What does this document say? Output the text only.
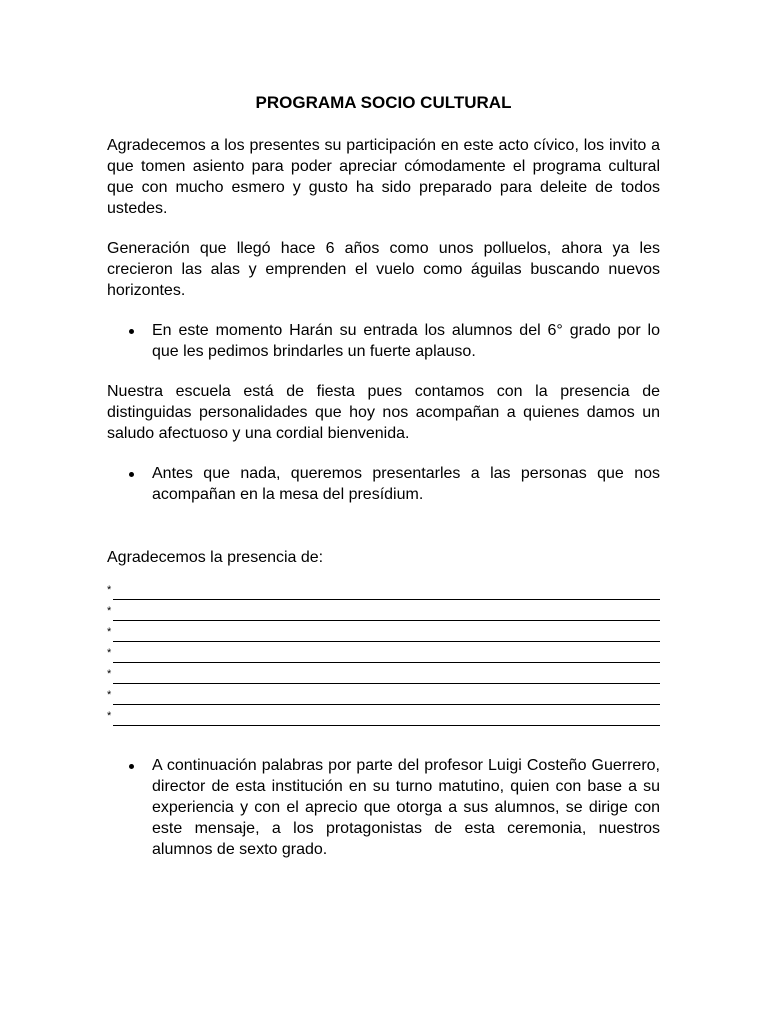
PROGRAMA SOCIO CULTURAL

Agradecemos a los presentes su participación en este acto cívico, los invito a que tomen asiento para poder apreciar cómodamente el programa cultural que con mucho esmero y gusto ha sido preparado para deleite de todos ustedes.

Generación que llegó hace 6 años como unos polluelos, ahora ya les crecieron las alas y emprenden el vuelo como águilas buscando nuevos horizontes.

En este momento Harán su entrada los alumnos del 6° grado por lo que les pedimos brindarles un fuerte aplauso.

Nuestra escuela está de fiesta pues contamos con la presencia de distinguidas personalidades que hoy nos acompañan a quienes damos un saludo afectuoso y una cordial bienvenida.

Antes que nada, queremos presentarles a las personas que nos acompañan en la mesa del presídium.
Agradecemos la presencia de:
*
*
*
*
*
*
*
A continuación palabras por parte del profesor Luigi Costeño Guerrero, director de esta institución en su turno matutino, quien con base a su experiencia y con el aprecio que otorga a sus alumnos, se dirige con este mensaje, a los protagonistas de esta ceremonia, nuestros alumnos de sexto grado.
